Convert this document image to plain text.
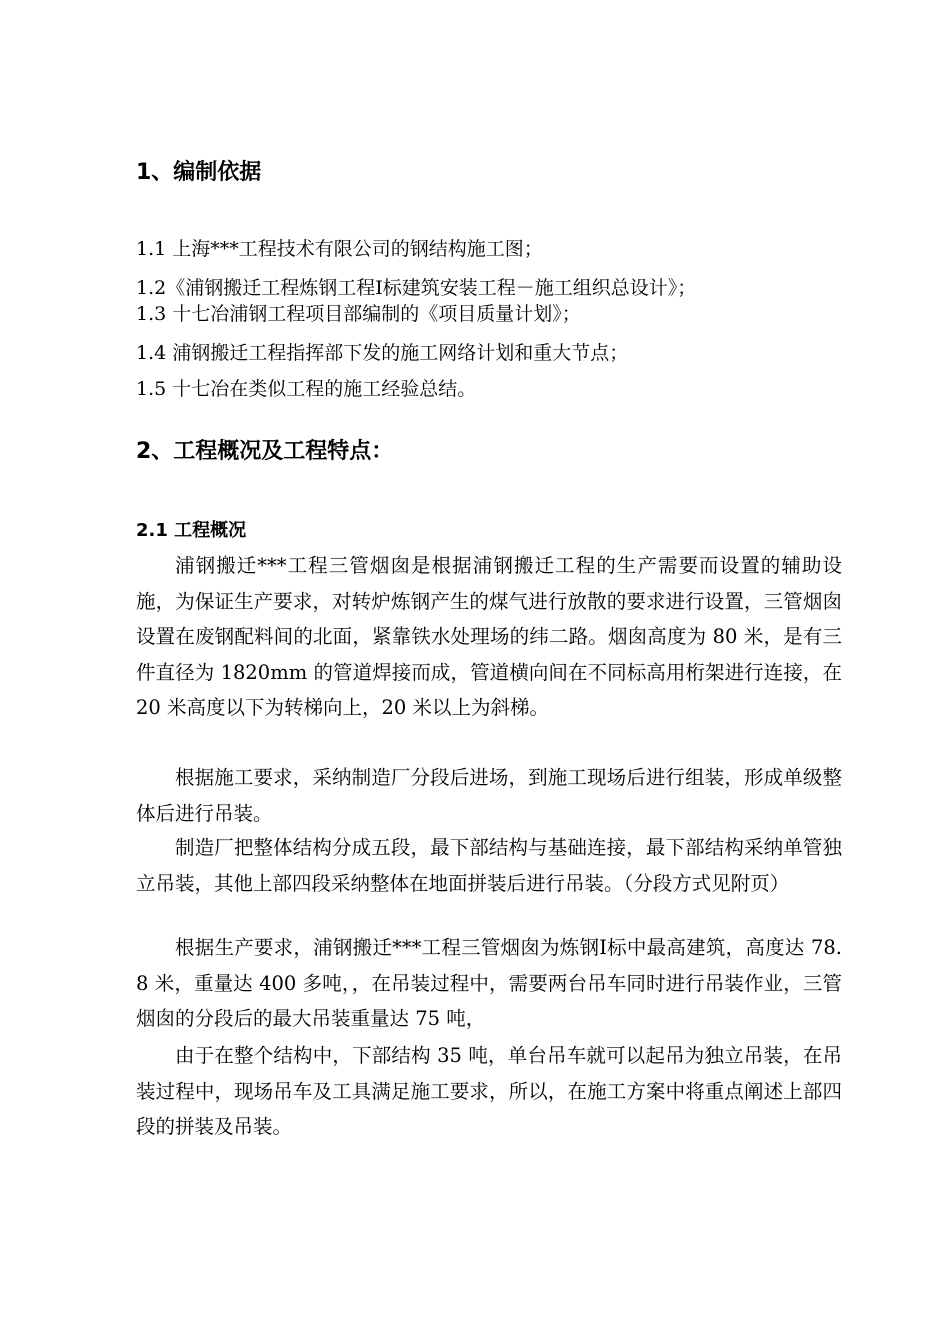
1、编制依据
1.1 上海***工程技术有限公司的钢结构施工图；
1.2《浦钢搬迁工程炼钢工程Ⅰ标建筑安装工程－施工组织总设计》；
1.3 十七冶浦钢工程项目部编制的《项目质量计划》；
1.4 浦钢搬迁工程指挥部下发的施工网络计划和重大节点；
1.5 十七冶在类似工程的施工经验总结。
2、工程概况及工程特点：
2.1 工程概况
浦钢搬迁***工程三管烟囱是根据浦钢搬迁工程的生产需要而设置的辅助设施，为保证生产要求，对转炉炼钢产生的煤气进行放散的要求进行设置，三管烟囱设置在废钢配料间的北面，紧靠铁水处理场的纬二路。烟囱高度为 80 米，是有三件直径为 1820mm 的管道焊接而成，管道横向间在不同标高用桁架进行连接，在 20 米高度以下为转梯向上，20 米以上为斜梯。
根据施工要求，采纳制造厂分段后进场，到施工现场后进行组装，形成单级整体后进行吊装。
制造厂把整体结构分成五段，最下部结构与基础连接，最下部结构采纳单管独立吊装，其他上部四段采纳整体在地面拼装后进行吊装。（分段方式见附页）
根据生产要求，浦钢搬迁***工程三管烟囱为炼钢Ⅰ标中最高建筑，高度达 78.8 米，重量达 400 多吨，，在吊装过程中，需要两台吊车同时进行吊装作业，三管烟囱的分段后的最大吊装重量达 75 吨，
由于在整个结构中，下部结构 35 吨，单台吊车就可以起吊为独立吊装，在吊装过程中，现场吊车及工具满足施工要求，所以，在施工方案中将重点阐述上部四段的拼装及吊装。
